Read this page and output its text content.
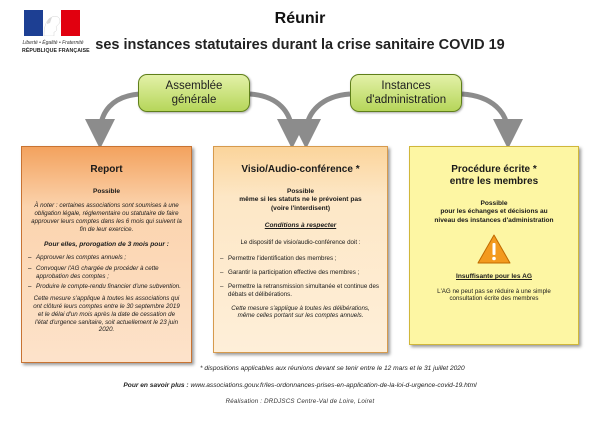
Liberté • Égalité • Fraternité
RÉPUBLIQUE FRANÇAISE
Réunir
ses instances statutaires durant la crise sanitaire COVID 19
Assemblée
générale
Instances
d'administration
Report
Possible
À noter : certaines associations sont soumises à une obligation légale, réglementaire ou statutaire de faire approuver leurs comptes dans les 6 mois qui suivent la fin de leur exercice.
Pour elles, prorogation de 3 mois pour :
– Approuver les comptes annuels ;
– Convoquer l'AG chargée de procéder à cette approbation des comptes ;
– Produire le compte-rendu financier d'une subvention.
Cette mesure s'applique à toutes les associations qui ont clôturé leurs comptes entre le 30 septembre 2019 et le délai d'un mois après la date de cessation de l'état d'urgence sanitaire, soit actuellement le 23 juin 2020.
Visio/Audio-conférence *
Possible
même si les statuts ne le prévoient pas (voire l'interdisent)
Conditions à respecter
Le dispositif de visio/audio-conférence doit :
– Permettre l'identification des membres ;
– Garantir la participation effective des membres ;
– Permettre la retransmission simultanée et continue des débats et délibérations.
Cette mesure s'applique à toutes les délibérations, même celles portant sur les comptes annuels.
Procédure écrite *
entre les membres
Possible
pour les échanges et décisions au niveau des instances d'administration
Insuffisante pour les AG
L'AG ne peut pas se réduire à une simple consultation écrite des membres
* dispositions applicables aux réunions devant se tenir entre le 12 mars et le 31 juillet 2020
Pour en savoir plus : www.associations.gouv.fr/les-ordonnances-prises-en-application-de-la-loi-d-urgence-covid-19.html
Réalisation : DRDJSCS Centre-Val de Loire, Loiret
